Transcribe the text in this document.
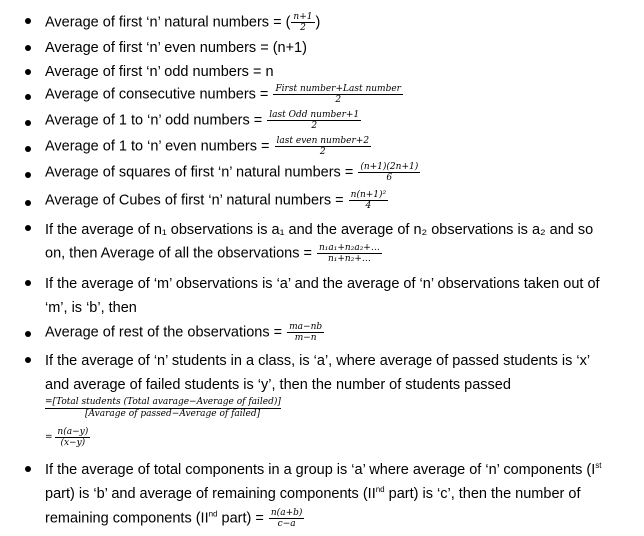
Average of first ‘n’ natural numbers = ( $\frac{n+1}{2}$ )
Average of first ‘n’ even numbers = (n+1)
Average of first ‘n’ odd numbers = n
Average of consecutive numbers = $\frac{\text{First number+Last number}}{2}$
Average of 1 to ‘n’ odd numbers = $\frac{\text{last Odd number+1}}{2}$
Average of 1 to ‘n’ even numbers = $\frac{\text{last even number+2}}{2}$
Average of squares of first ‘n’ natural numbers = $\frac{(n+1)(2n+1)}{6}$
Average of Cubes of first ‘n’ natural numbers = $\frac{\text{n(n+1)²}}{4}$
If the average of n₁ observations is a₁ and the average of n₂ observations is a₂ and so
on, then Average of all the observations = $\frac{\text{n₁a₁+n₂a₂+…}}{\text{n₁+n₂+…}}$
If the average of ‘m’ observations is ‘a’ and the average of ‘n’ observations taken out of
‘m’, is ‘b’, then
Average of rest of the observations = $\frac{ma-nb}{m-n}$
If the average of ‘n’ students in a class, is ‘a’, where average of passed students is ‘x’
and average of failed students is ‘y’, then the number of students passed
=[Total students (Total avarage−Average of failed)]
[Avarage of passed−Average of failed]
= $\frac{n(a-y)}{(x-y)}$
If the average of total components in a group is ‘a’ where average of ‘n’ components (Ist
part) is ‘b’ and average of remaining components (IInd part) is ‘c’, then the number of
remaining components (IInd part) = $\frac{n(a+b)}{c-a}$
